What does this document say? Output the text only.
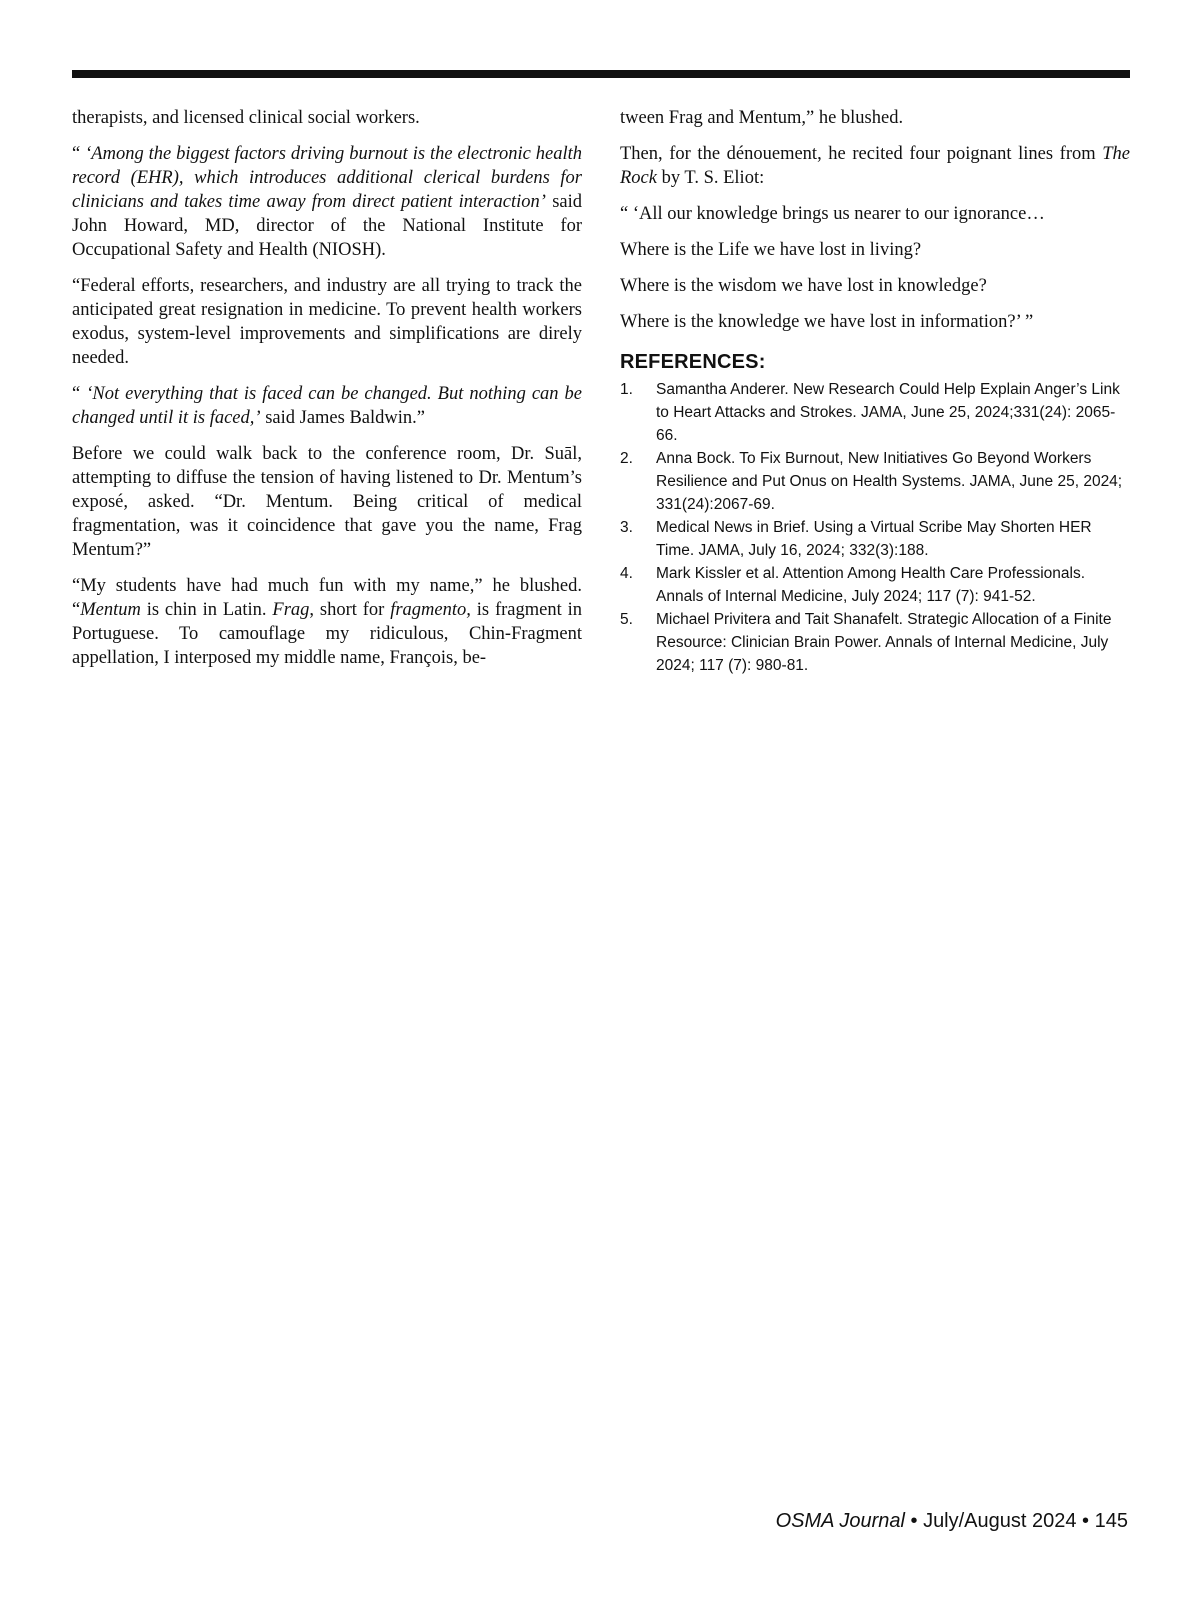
therapists, and licensed clinical social workers.

“ ‘Among the biggest factors driving burnout is the electronic health record (EHR), which introduces additional clerical burdens for clinicians and takes time away from direct patient interaction’ said John Howard, MD, director of the National Institute for Occupational Safety and Health (NIOSH).

“Federal efforts, researchers, and industry are all trying to track the anticipated great resignation in medicine. To prevent health workers exodus, system-level improvements and simplifications are direly needed.

“ ‘Not everything that is faced can be changed. But nothing can be changed until it is faced,’ said James Baldwin.”

Before we could walk back to the conference room, Dr. Suāl, attempting to diffuse the tension of having listened to Dr. Mentum’s exposé, asked. “Dr. Mentum. Being critical of medical fragmentation, was it coincidence that gave you the name, Frag Mentum?”

“My students have had much fun with my name,” he blushed. “Mentum is chin in Latin. Frag, short for fragmento, is fragment in Portuguese. To camouflage my ridiculous, Chin-Fragment appellation, I interposed my middle name, François, be-

tween Frag and Mentum,” he blushed.

Then, for the dénouement, he recited four poignant lines from The Rock by T. S. Eliot:

“ ‘All our knowledge brings us nearer to our ignorance…

Where is the Life we have lost in living?

Where is the wisdom we have lost in knowledge?

Where is the knowledge we have lost in information?’ ”

REFERENCES:
1.	Samantha Anderer. New Research Could Help Explain Anger’s Link to Heart Attacks and Strokes. JAMA, June 25, 2024;331(24): 2065-66.
2.	Anna Bock. To Fix Burnout, New Initiatives Go Beyond Workers Resilience and Put Onus on Health Systems. JAMA, June 25, 2024; 331(24):2067-69.
3.	Medical News in Brief. Using a Virtual Scribe May Shorten HER Time. JAMA, July 16, 2024; 332(3):188.
4.	Mark Kissler et al. Attention Among Health Care Professionals. Annals of Internal Medicine, July 2024; 117 (7): 941-52.
5.	Michael Privitera and Tait Shanafelt. Strategic Allocation of a Finite Resource: Clinician Brain Power. Annals of Internal Medicine, July 2024; 117 (7): 980-81.
OSMA Journal • July/August 2024 • 145
